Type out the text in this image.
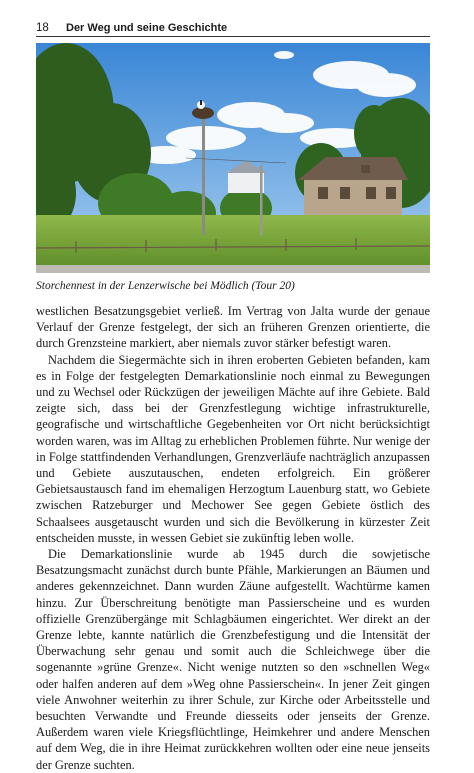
18 Der Weg und seine Geschichte
Storchennest in der Lenzerwische bei Mödlich (Tour 20)

westlichen Besatzungsgebiet verließ. Im Vertrag von Jalta wurde der genaue Verlauf der Grenze festgelegt, der sich an früheren Grenzen orientierte, die durch Grenzsteine markiert, aber niemals zuvor stärker befestigt waren.

Nachdem die Siegermächte sich in ihren eroberten Gebieten befanden, kam es in Folge der festgelegten Demarkationslinie noch einmal zu Bewegungen und zu Wechsel oder Rückzügen der jeweiligen Mächte auf ihre Gebiete. Bald zeigte sich, dass bei der Grenzfestlegung wichtige infrastrukturelle, geografische und wirtschaftliche Gegebenheiten vor Ort nicht berücksichtigt worden waren, was im Alltag zu erheblichen Problemen führte. Nur wenige der in Folge stattfindenden Verhandlungen, Grenzverläufe nachträglich anzupassen und Gebiete auszutauschen, endeten erfolgreich. Ein größerer Gebietsaustausch fand im ehemaligen Herzogtum Lauenburg statt, wo Gebiete zwischen Ratzeburger und Mechower See gegen Gebiete östlich des Schaalsees ausgetauscht wurden und sich die Bevölkerung in kürzester Zeit entscheiden musste, in wessen Gebiet sie zukünftig leben wolle.

Die Demarkationslinie wurde ab 1945 durch die sowjetische Besatzungsmacht zunächst durch bunte Pfähle, Markierungen an Bäumen und anderes gekennzeichnet. Dann wurden Zäune aufgestellt. Wachtürme kamen hinzu. Zur Überschreitung benötigte man Passierscheine und es wurden offizielle Grenzübergänge mit Schlagbäumen eingerichtet. Wer direkt an der Grenze lebte, kannte natürlich die Grenzbefestigung und die Intensität der Überwachung sehr genau und somit auch die Schleichwege über die sogenannte »grüne Grenze«. Nicht wenige nutzten so den »schnellen Weg« oder halfen anderen auf dem »Weg ohne Passierschein«. In jener Zeit gingen viele Anwohner weiterhin zu ihrer Schule, zur Kirche oder Arbeitsstelle und besuchten Verwandte und Freunde diesseits oder jenseits der Grenze. Außerdem waren viele Kriegsflüchtlinge, Heimkehrer und andere Menschen auf dem Weg, die in ihre Heimat zurückkehren wollten oder eine neue jenseits der Grenze suchten.
